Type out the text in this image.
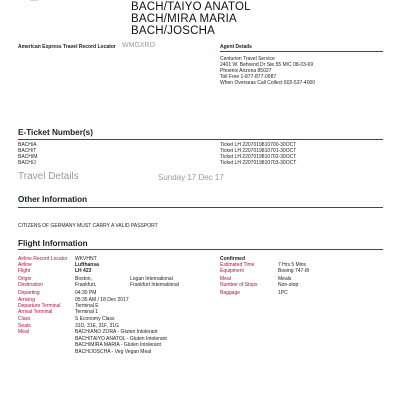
......
BACH/TAIYO ANATOL
BACH/MIRA MARIA
BACH/JOSCHA
American Express Travel Record Locator WMGXRO	Agent Details
Centurion Travel Service
2401 W. Behrend Dr Ste.55 M/C 08-03-69
Phoenix Arizona 85027
Toll Free 1-877-877-0987
When Overseas Call Collect 602-537-4000
E-Ticket Number(s)
BACH/A	Ticket LH 2207019810700-30OCT
BACH/T	Ticket LH 2207019810701-30OCT
BACH/M	Ticket LH 2207019810702-30OCT
BACH/J	Ticket LH 2207019810703-30OCT
Travel Details	Sunday 17 Dec 17
Other Information
CITIZENS OF GERMANY MUST CARRY A VALID PASSPORT
Flight Information
Airline Record Locator WKVHNT
Airline	Lufthansa
Flight	LH 423
Origin	Boston,	Logan International
Destination	Frankfurt,	Frankfurt International
Departing	04:30 PM
Arriving	05:35 AM / 18 Dec 2017
Departure Terminal	Terminal E
Arrival Terminal	Terminal 1
Class	S Economy Class
Seats	31D, 31E, 31F, 31G
Meal	BACH/ANO ZORA - Gluten Intolerant
BACH/TAIYO ANATOL - Gluten Intolerant
BACH/MIRA MARIA - Gluten Intolerant
BACH/JOSCHA - Veg Vegan Meal
Confirmed
Estimated Time	7 Hrs 5 Mins
Equipment	Boeing 747-8I
Meal	Meals
Number of Stops	Non-stop
Baggage	1PC
